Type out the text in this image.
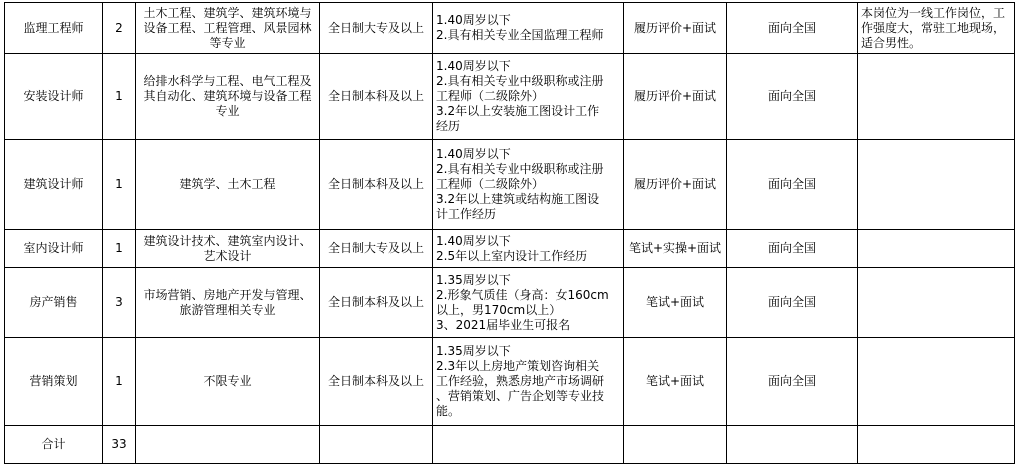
监理工程师	2	土木工程、建筑学、建筑环境与设备工程、工程管理、风景园林等专业	全日制大专及以上	1.40周岁以下
2.具有相关专业全国监理工程师	履历评价+面试	面向全国	本岗位为一线工作岗位，工作强度大，常驻工地现场，适合男性。
安装设计师	1	给排水科学与工程、电气工程及其自动化、建筑环境与设备工程专业	全日制本科及以上	1.40周岁以下
2.具有相关专业中级职称或注册
工程师（二级除外）
3.2年以上安装施工图设计工作
经历	履历评价+面试	面向全国	
建筑设计师	1	建筑学、土木工程	全日制本科及以上	1.40周岁以下
2.具有相关专业中级职称或注册
工程师（二级除外）
3.2年以上建筑或结构施工图设
计工作经历	履历评价+面试	面向全国	
室内设计师	1	建筑设计技术、建筑室内设计、艺术设计	全日制大专及以上	1.40周岁以下
2.5年以上室内设计工作经历	笔试+实操+面试	面向全国	
房产销售	3	市场营销、房地产开发与管理、旅游管理相关专业	全日制本科及以上	1.35周岁以下
2.形象气质佳（身高：女160cm
以上，男170cm以上）
3、2021届毕业生可报名	笔试+面试	面向全国	
营销策划	1	不限专业	全日制本科及以上	1.35周岁以下
2.3年以上房地产策划咨询相关
工作经验，熟悉房地产市场调研
、营销策划、广告企划等专业技
能。	笔试+面试	面向全国	
合计	33						
